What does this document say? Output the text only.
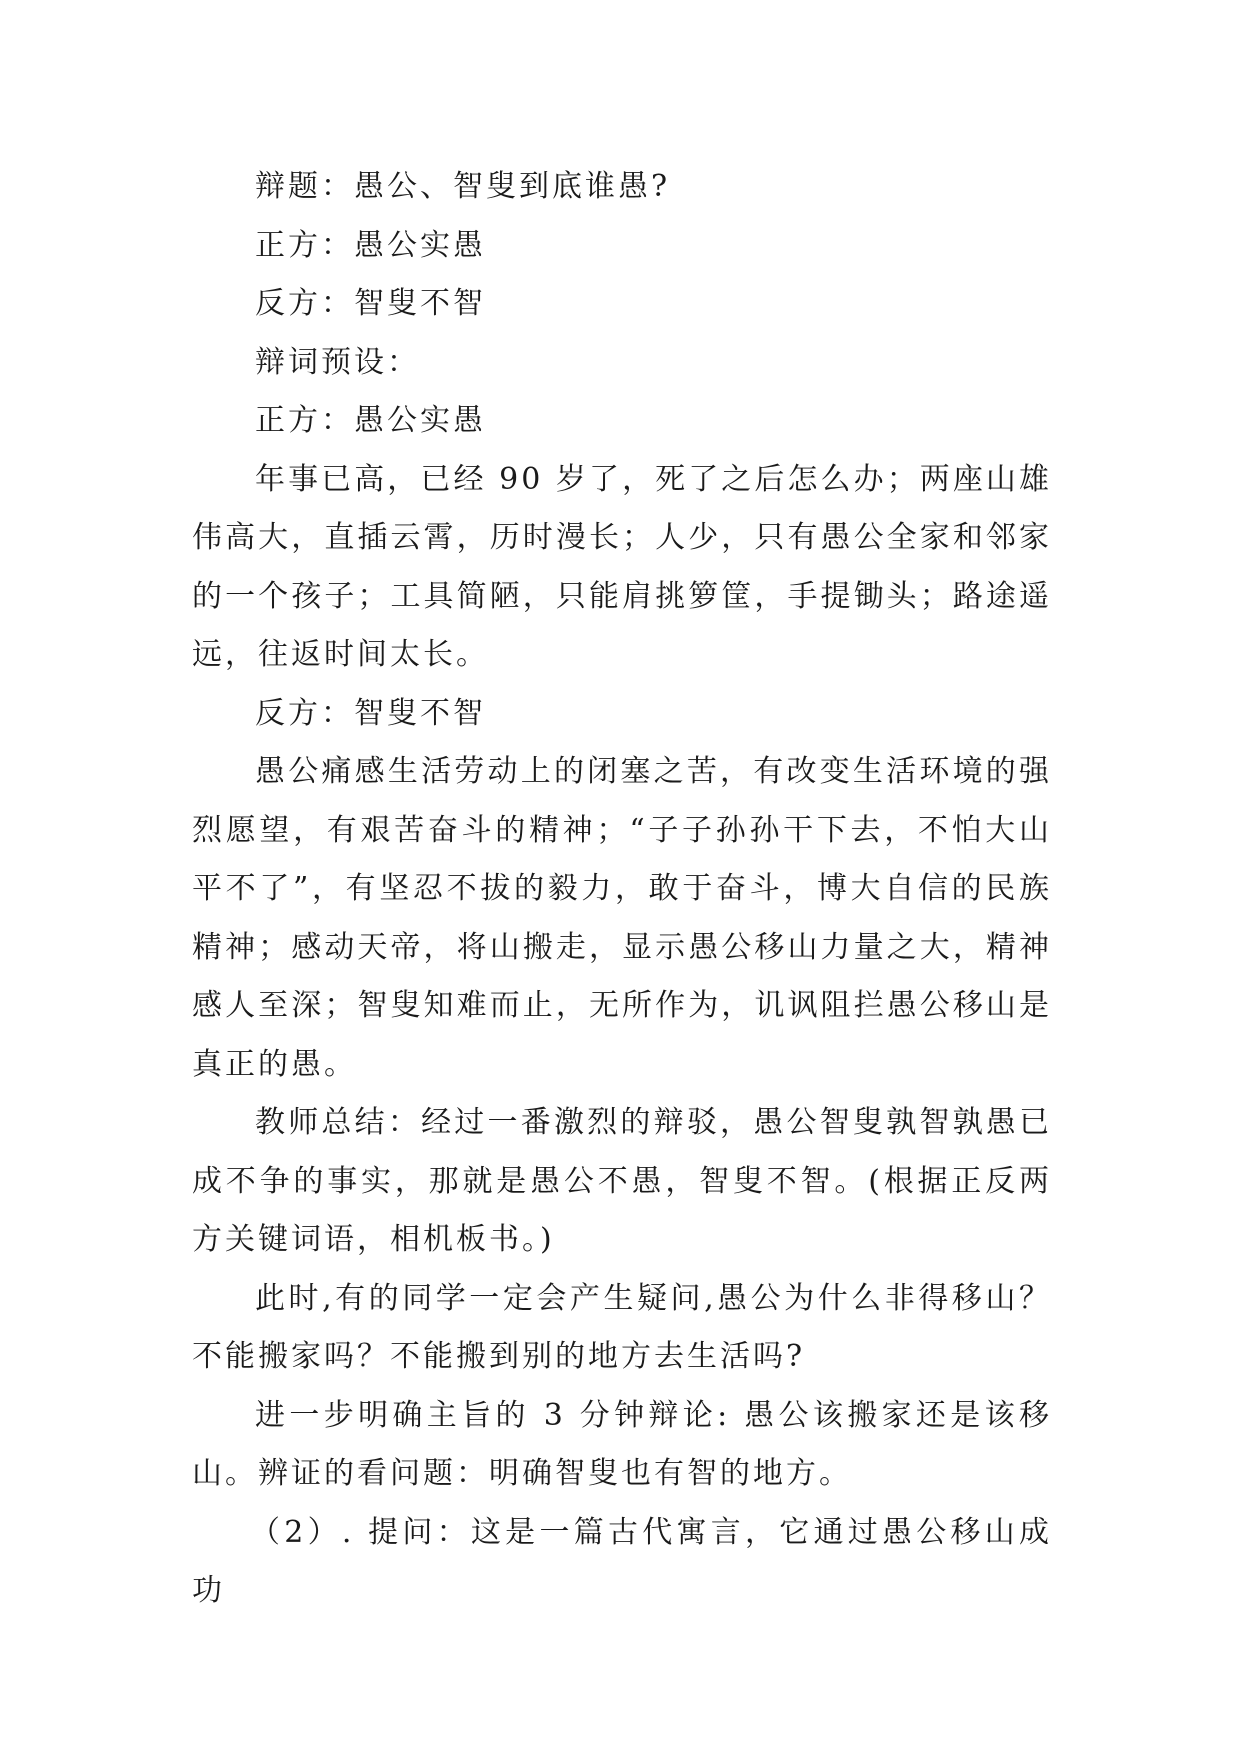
辩题：愚公、智叟到底谁愚?

正方：愚公实愚

反方：智叟不智

辩词预设：

正方：愚公实愚

年事已高，已经 90 岁了，死了之后怎么办；两座山雄伟高大，直插云霄，历时漫长；人少，只有愚公全家和邻家的一个孩子；工具简陋，只能肩挑箩筐，手提锄头；路途遥远，往返时间太长。

反方：智叟不智

愚公痛感生活劳动上的闭塞之苦，有改变生活环境的强烈愿望，有艰苦奋斗的精神；“子子孙孙干下去，不怕大山平不了”，有坚忍不拔的毅力，敢于奋斗，博大自信的民族精神；感动天帝，将山搬走，显示愚公移山力量之大，精神感人至深；智叟知难而止，无所作为，讥讽阻拦愚公移山是真正的愚。

教师总结：经过一番激烈的辩驳，愚公智叟孰智孰愚已成不争的事实，那就是愚公不愚，智叟不智。(根据正反两方关键词语，相机板书。)

此时,有的同学一定会产生疑问,愚公为什么非得移山？不能搬家吗？不能搬到别的地方去生活吗?

进一步明确主旨的 3 分钟辩论: 愚公该搬家还是该移山。辨证的看问题：明确智叟也有智的地方。

（2）. 提问：这是一篇古代寓言，它通过愚公移山成功
